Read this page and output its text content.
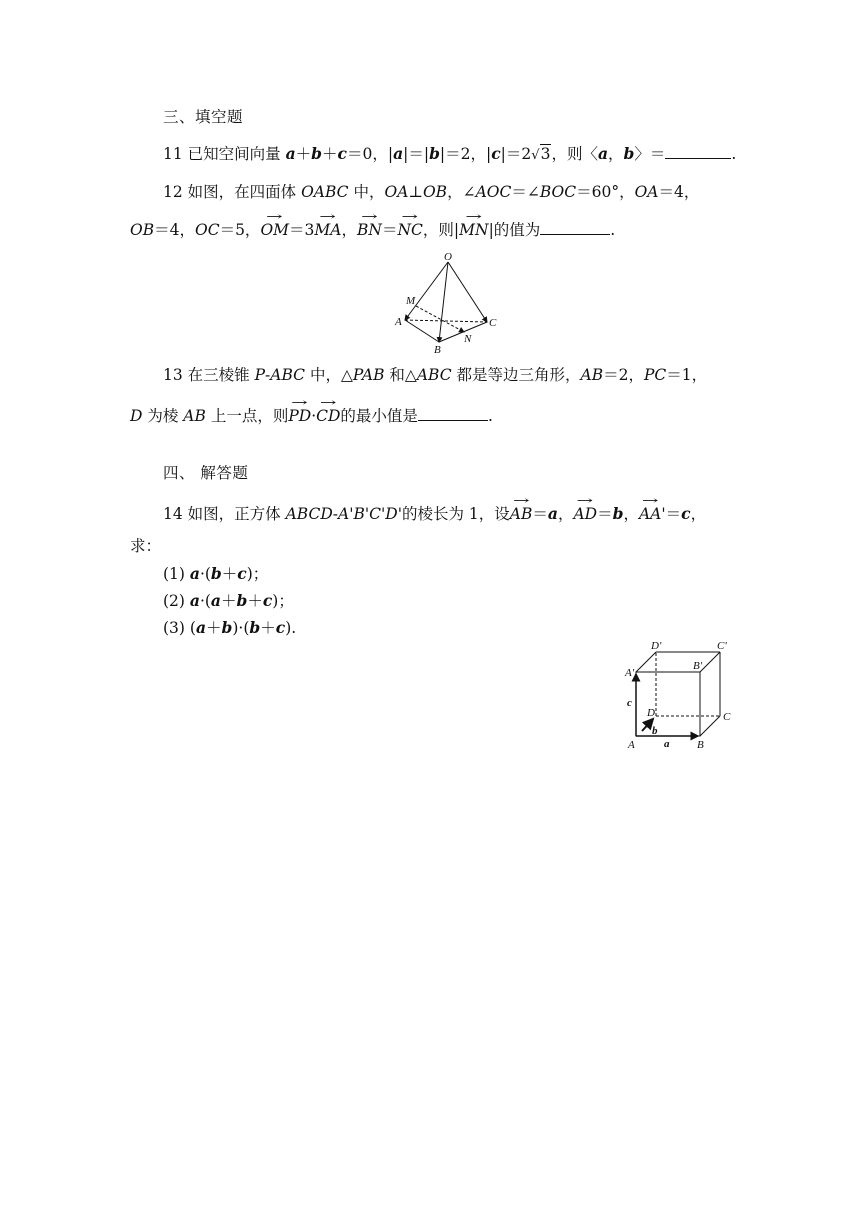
三、填空题
11 已知空间向量 a＋b＋c＝0，|a|＝|b|＝2，|c|＝2√3，则〈a，b〉＝	.
12 如图，在四面体 OABC 中，OA⊥OB，∠AOC＝∠BOC＝60°，OA＝4，
OB＝4，OC＝5，→ OM＝3→ MA，→ BN＝→ NC，则|→ MN|的值为	.
O
M
A
B
C
N
13 在三棱锥 P-ABC 中，△PAB 和△ABC 都是等边三角形，AB＝2，PC＝1，
D 为棱 AB 上一点，则→ PD·→ CD的最小值是	.
四、 解答题
14 如图，正方体 ABCD-A'B'C'D'的棱长为 1，设→ AB＝a，→ AD＝b，→ AA'＝c，
求：
(1) a·(b＋c)；
(2) a·(a＋b＋c)；
(3) (a＋b)·(b＋c).
D'	C'
A'
B'
D	C
A	B
a
b
c
